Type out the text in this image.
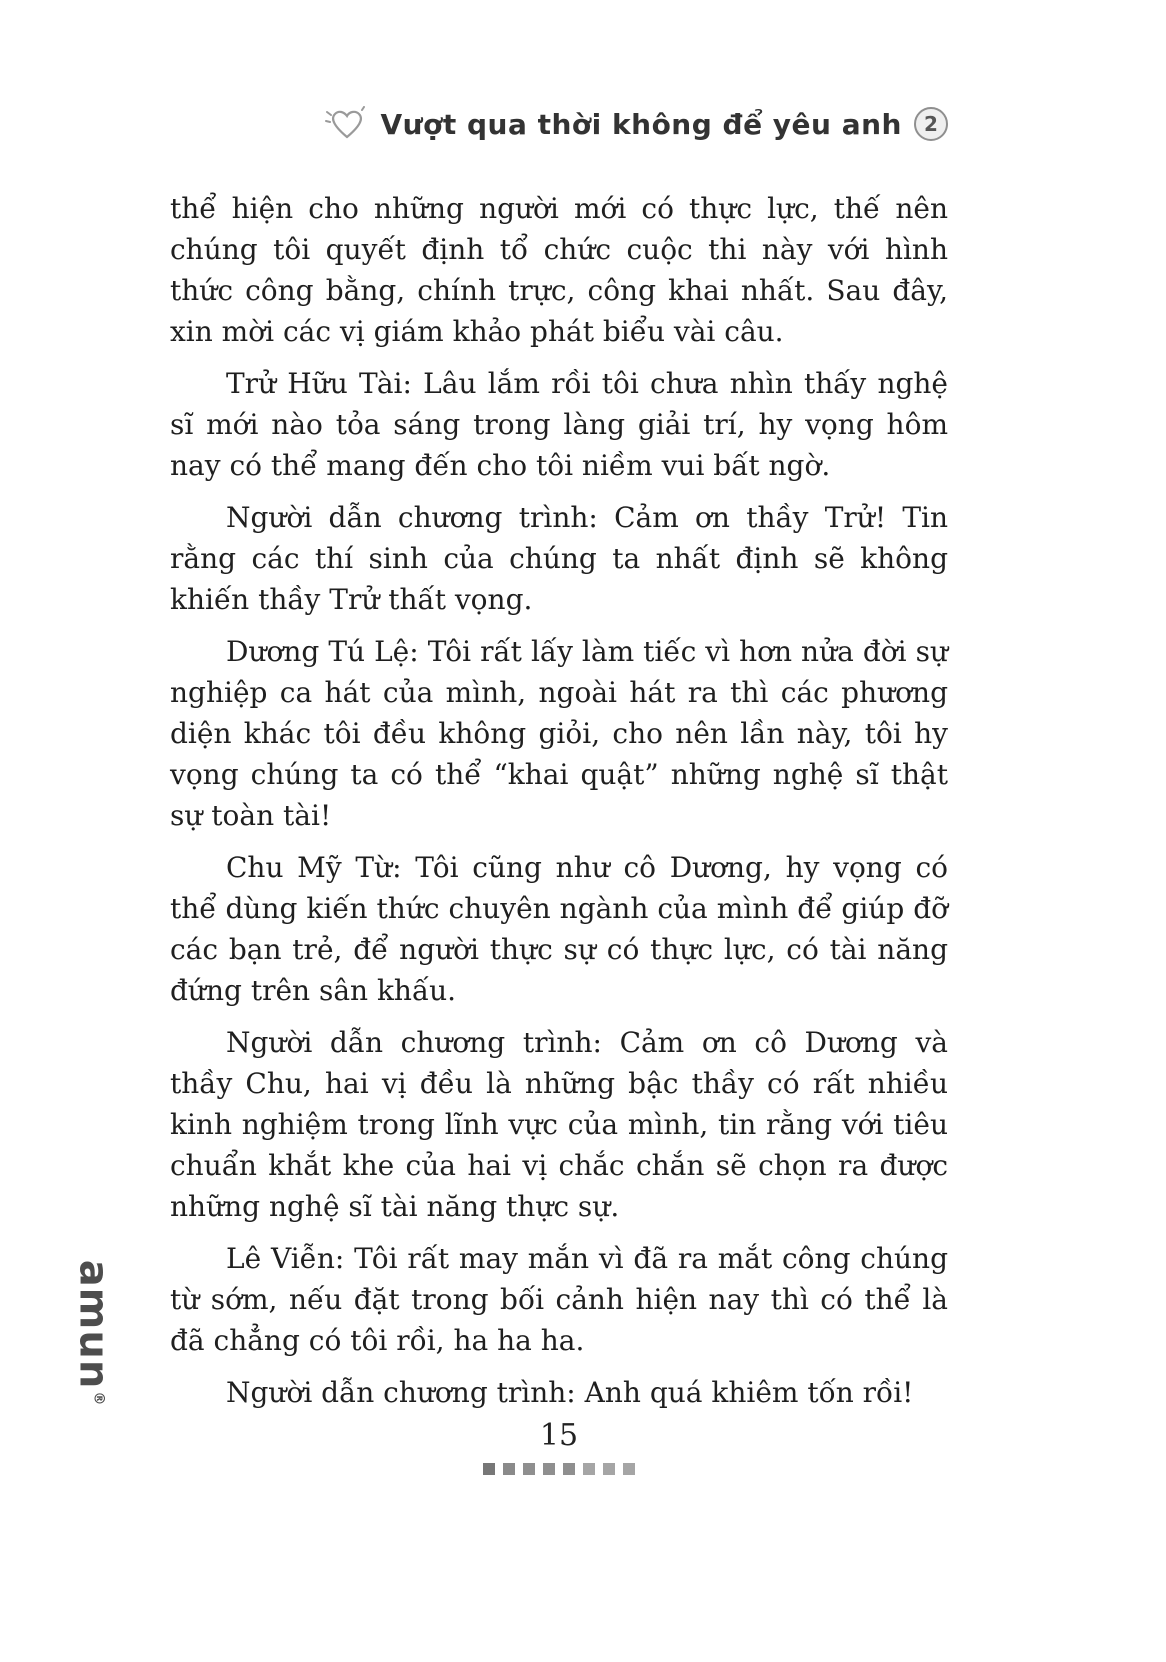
Vượt qua thời không để yêu anh	2

thể hiện cho những người mới có thực lực, thế nên chúng tôi quyết định tổ chức cuộc thi này với hình thức công bằng, chính trực, công khai nhất. Sau đây, xin mời các vị giám khảo phát biểu vài câu.

Trử Hữu Tài: Lâu lắm rồi tôi chưa nhìn thấy nghệ sĩ mới nào tỏa sáng trong làng giải trí, hy vọng hôm nay có thể mang đến cho tôi niềm vui bất ngờ.

Người dẫn chương trình: Cảm ơn thầy Trử! Tin rằng các thí sinh của chúng ta nhất định sẽ không khiến thầy Trử thất vọng.

Dương Tú Lệ: Tôi rất lấy làm tiếc vì hơn nửa đời sự nghiệp ca hát của mình, ngoài hát ra thì các phương diện khác tôi đều không giỏi, cho nên lần này, tôi hy vọng chúng ta có thể “khai quật” những nghệ sĩ thật sự toàn tài!

Chu Mỹ Từ: Tôi cũng như cô Dương, hy vọng có thể dùng kiến thức chuyên ngành của mình để giúp đỡ các bạn trẻ, để người thực sự có thực lực, có tài năng đứng trên sân khấu.

Người dẫn chương trình: Cảm ơn cô Dương và thầy Chu, hai vị đều là những bậc thầy có rất nhiều kinh nghiệm trong lĩnh vực của mình, tin rằng với tiêu chuẩn khắt khe của hai vị chắc chắn sẽ chọn ra được những nghệ sĩ tài năng thực sự.

Lê Viễn: Tôi rất may mắn vì đã ra mắt công chúng từ sớm, nếu đặt trong bối cảnh hiện nay thì có thể là đã chẳng có tôi rồi, ha ha ha.

Người dẫn chương trình: Anh quá khiêm tốn rồi!

15
amun®
